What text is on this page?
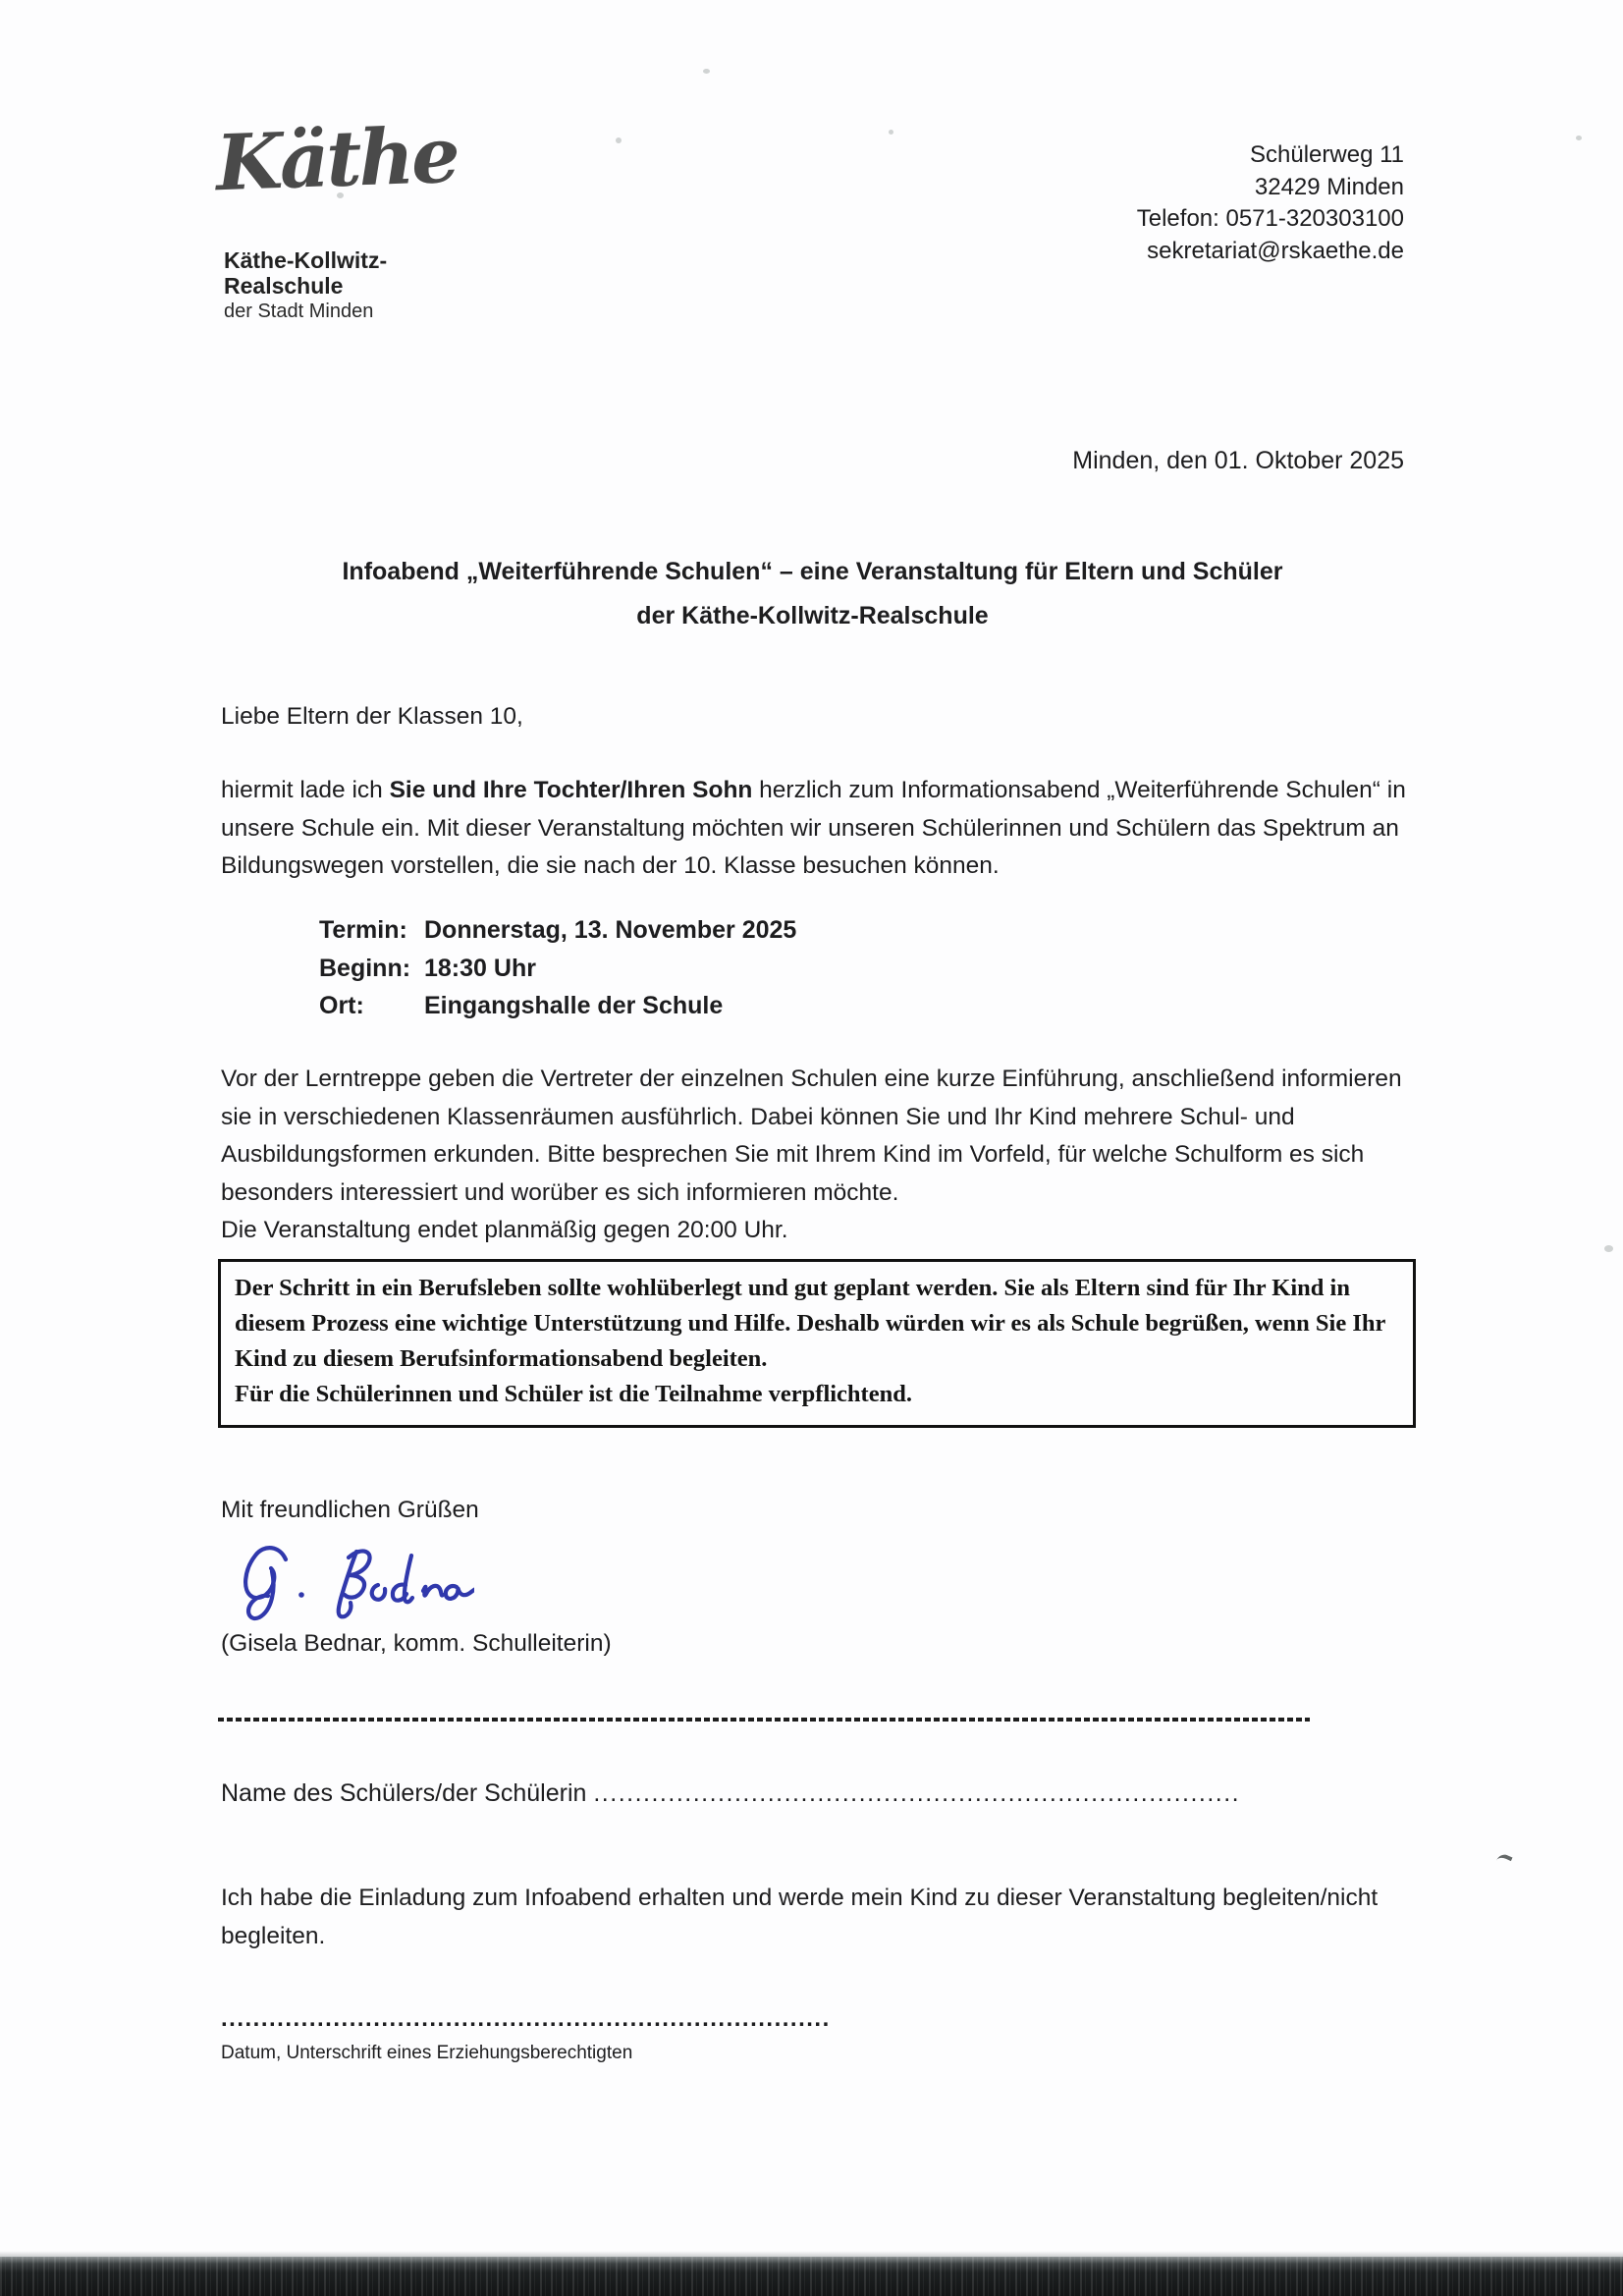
Käthe
Käthe-Kollwitz-
Realschule
der Stadt Minden
Schülerweg 11
32429 Minden
Telefon: 0571-320303100
sekretariat@rskaethe.de
Minden, den 01. Oktober 2025
Infoabend „Weiterführende Schulen“ – eine Veranstaltung für Eltern und Schüler
der Käthe-Kollwitz-Realschule
Liebe Eltern der Klassen 10,
hiermit lade ich Sie und Ihre Tochter/Ihren Sohn herzlich zum Informationsabend „Weiterführende Schulen“ in unsere Schule ein. Mit dieser Veranstaltung möchten wir unseren Schülerinnen und Schülern das Spektrum an Bildungswegen vorstellen, die sie nach der 10. Klasse besuchen können.
Termin: Donnerstag, 13. November 2025
Beginn: 18:30 Uhr
Ort:	Eingangshalle der Schule
Vor der Lerntreppe geben die Vertreter der einzelnen Schulen eine kurze Einführung, anschließend informieren sie in verschiedenen Klassenräumen ausführlich. Dabei können Sie und Ihr Kind mehrere Schul- und Ausbildungsformen erkunden. Bitte besprechen Sie mit Ihrem Kind im Vorfeld, für welche Schulform es sich besonders interessiert und worüber es sich informieren möchte.
Die Veranstaltung endet planmäßig gegen 20:00 Uhr.
Der Schritt in ein Berufsleben sollte wohlüberlegt und gut geplant werden. Sie als Eltern sind für Ihr Kind in diesem Prozess eine wichtige Unterstützung und Hilfe. Deshalb würden wir es als Schule begrüßen, wenn Sie Ihr Kind zu diesem Berufsinformationsabend begleiten.
Für die Schülerinnen und Schüler ist die Teilnahme verpflichtend.
Mit freundlichen Grüßen
(Gisela Bednar, komm. Schulleiterin)
Name des Schülers/der Schülerin ..............................................................................
Ich habe die Einladung zum Infoabend erhalten und werde mein Kind zu dieser Veranstaltung begleiten/nicht begleiten.
............................................................................
Datum, Unterschrift eines Erziehungsberechtigten
